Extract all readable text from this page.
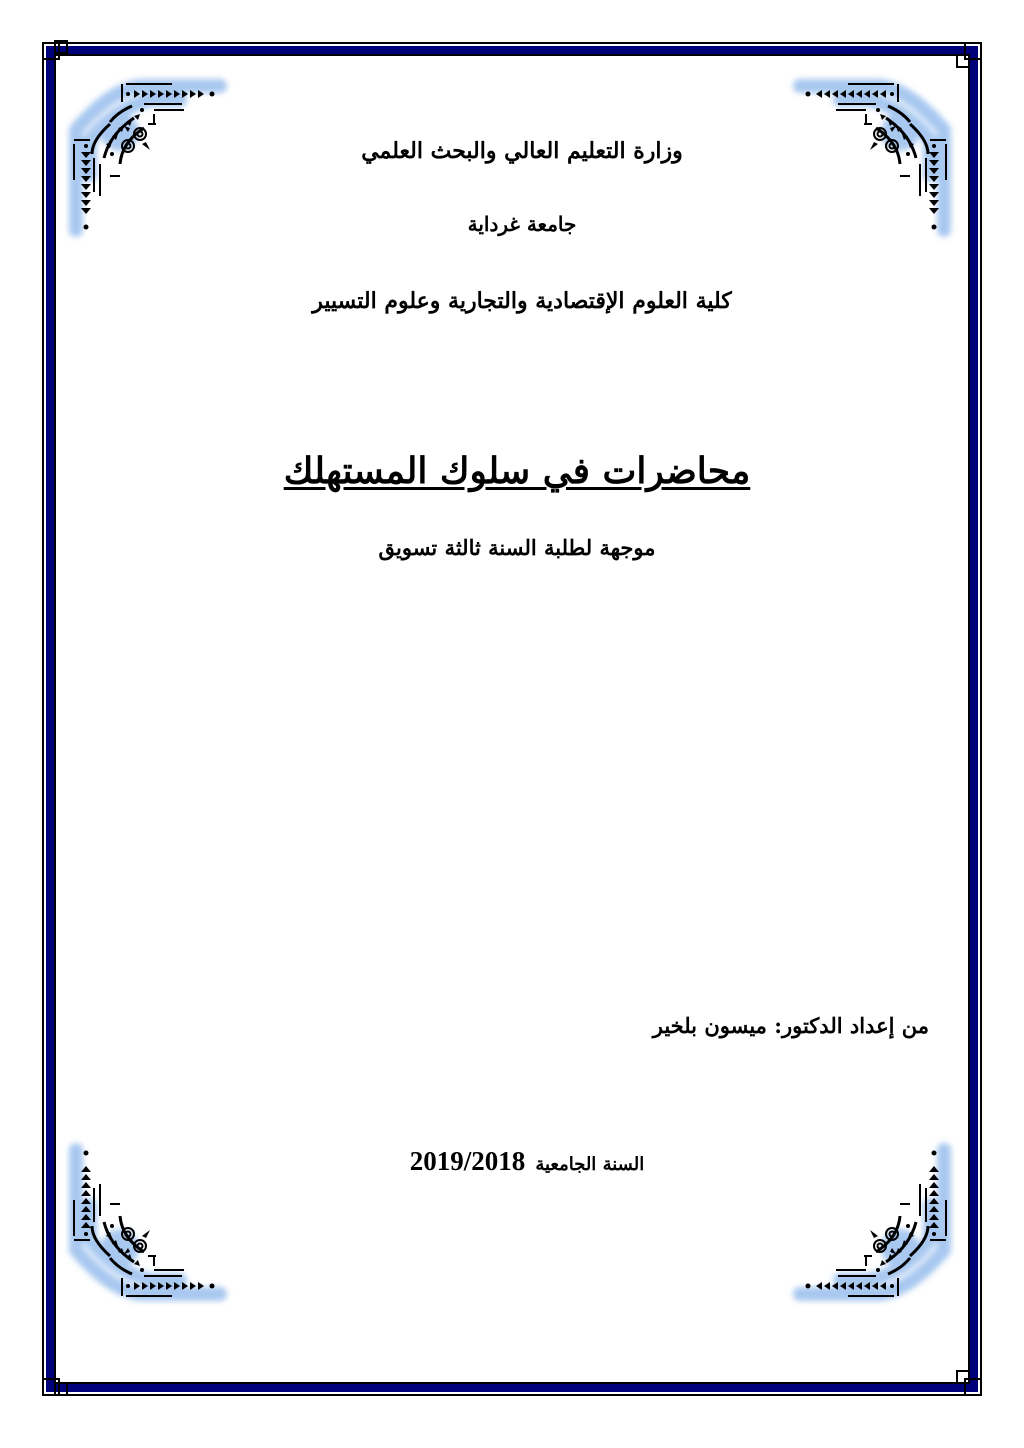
وزارة التعليم العالي والبحث العلمي
جامعة غرداية
كلية العلوم الإقتصادية والتجارية وعلوم التسيير
محاضرات في سلوك المستهلك
موجهة لطلبة السنة ثالثة تسويق
من إعداد الدكتور: ميسون بلخير
2019/2018 السنة الجامعية
